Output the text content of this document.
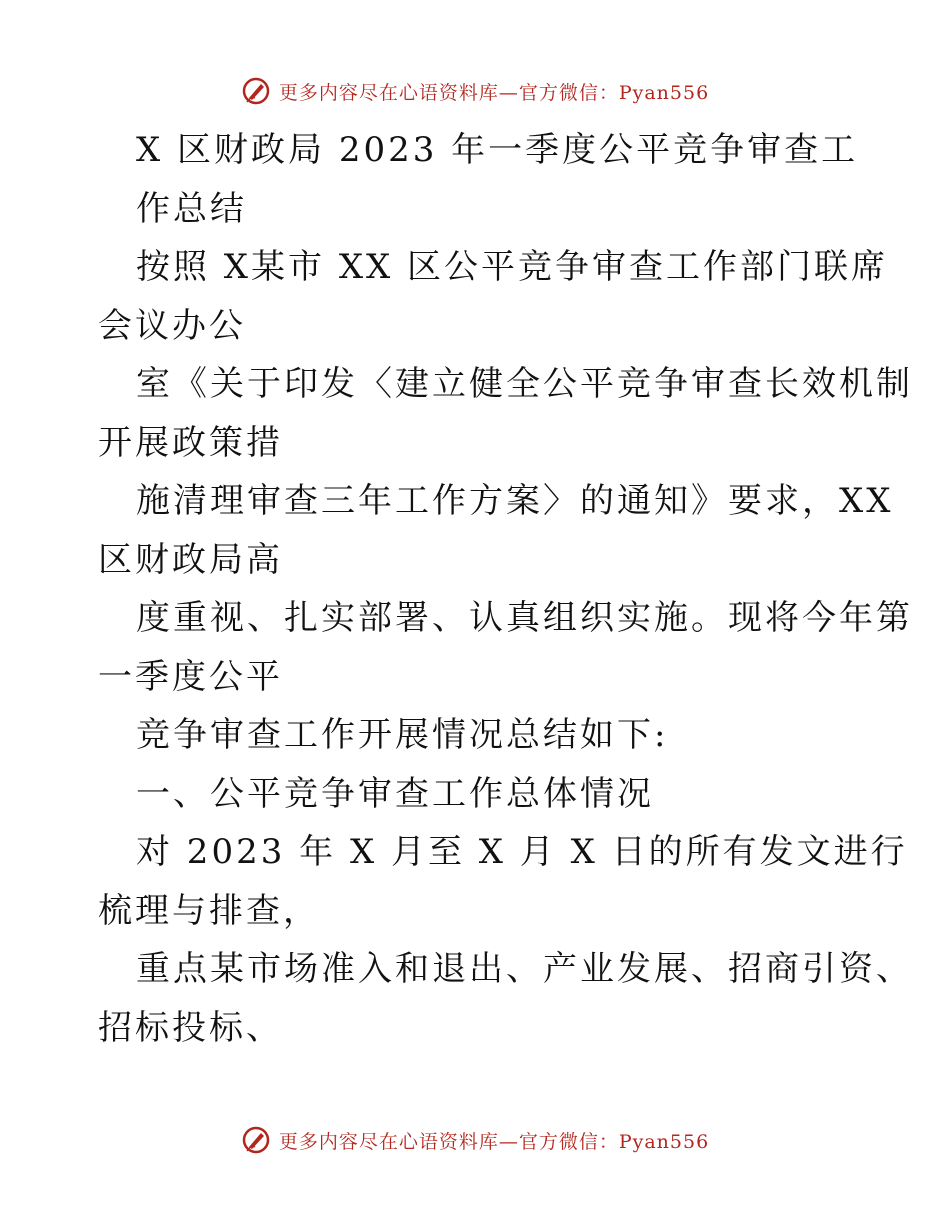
更多内容尽在心语资料库—官方微信：Pyan556
X 区财政局 2023 年一季度公平竞争审查工
作总结
按照 X某市 XX 区公平竞争审查工作部门联席
会议办公
室《关于印发〈建立健全公平竞争审查长效机制
开展政策措
施清理审查三年工作方案〉的通知》要求，XX
区财政局高
度重视、扎实部署、认真组织实施。现将今年第
一季度公平
竞争审查工作开展情况总结如下:
一、公平竞争审查工作总体情况
对 2023 年 X 月至 X 月 X 日的所有发文进行
梳理与排查，
重点某市场准入和退出、产业发展、招商引资、
招标投标、
更多内容尽在心语资料库—官方微信：Pyan556
